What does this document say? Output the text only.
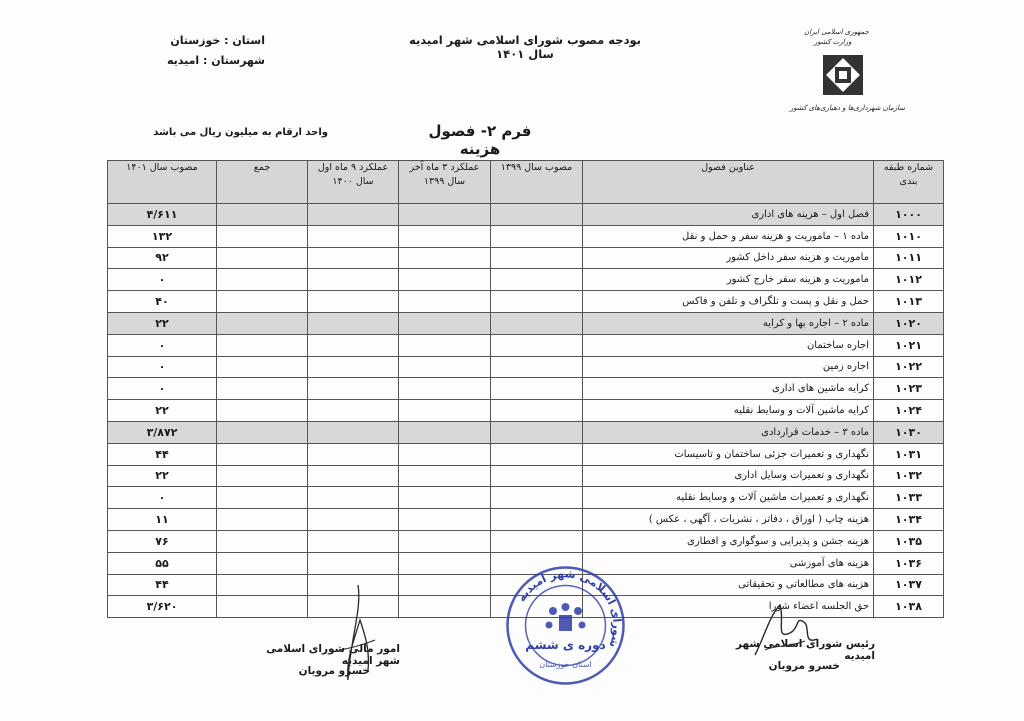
بودجه مصوب شورای اسلامی شهر امیدیه سال ۱۴۰۱
استان : خوزستان
شهرستان : امیدیه
فرم ۲- فصول هزینه
واحد ارقام به میلیون ریال می باشد
جمهوری اسلامی ایران
وزارت کشور
سازمان شهرداری‌ها و دهیاری‌های کشور
شماره طبقه بندی	عناوین فصول	مصوب سال ۱۳۹۹	عملکرد ۳ ماه آخر سال ۱۳۹۹	عملکرد ۹ ماه اول سال ۱۴۰۰	جمع	مصوب سال ۱۴۰۱
۱۰۰۰	فصل اول – هزینه های اداری					۴/۶۱۱
۱۰۱۰	ماده ۱ – ماموریت و هزینه سفر و حمل و نقل					۱۳۲
۱۰۱۱	ماموریت و هزینه سفر داخل کشور					۹۲
۱۰۱۲	ماموریت و هزینه سفر خارج کشور					۰
۱۰۱۳	حمل و نقل و پست و تلگراف و تلفن و فاکس					۴۰
۱۰۲۰	ماده ۲ – اجاره بها و کرایه					۲۲
۱۰۲۱	اجاره ساختمان					۰
۱۰۲۲	اجاره زمین					۰
۱۰۲۳	کرایه ماشین های اداری					۰
۱۰۲۴	کرایه ماشین آلات و وسایط نقلیه					۲۲
۱۰۳۰	ماده ۳ – خدمات قراردادی					۳/۸۷۲
۱۰۳۱	نگهداری و تعمیرات جزئی ساختمان و تاسیسات					۴۴
۱۰۳۲	نگهداری و تعمیرات وسایل اداری					۲۲
۱۰۳۳	نگهداری و تعمیرات ماشین آلات و وسایط نقلیه					۰
۱۰۳۴	هزینه چاپ ( اوراق ، دفاتر ، نشریات ، آگهی ، عکس )					۱۱
۱۰۳۵	هزینه جشن و پذیرایی و سوگواری و افطاری					۷۶
۱۰۳۶	هزینه های آموزشی					۵۵
۱۰۳۷	هزینه های مطالعاتی و تحقیقاتی					۴۴
۱۰۳۸	حق الجلسه اعضاء شورا					۳/۶۲۰
رئیس شورای اسلامی شهر امیدیه
خسرو مرویان
امور مالی شورای اسلامی شهر امیدیه
خسرو مرویان
شورای اسلامی شهر امیدیه
دوره ی ششم
استان خوزستان
